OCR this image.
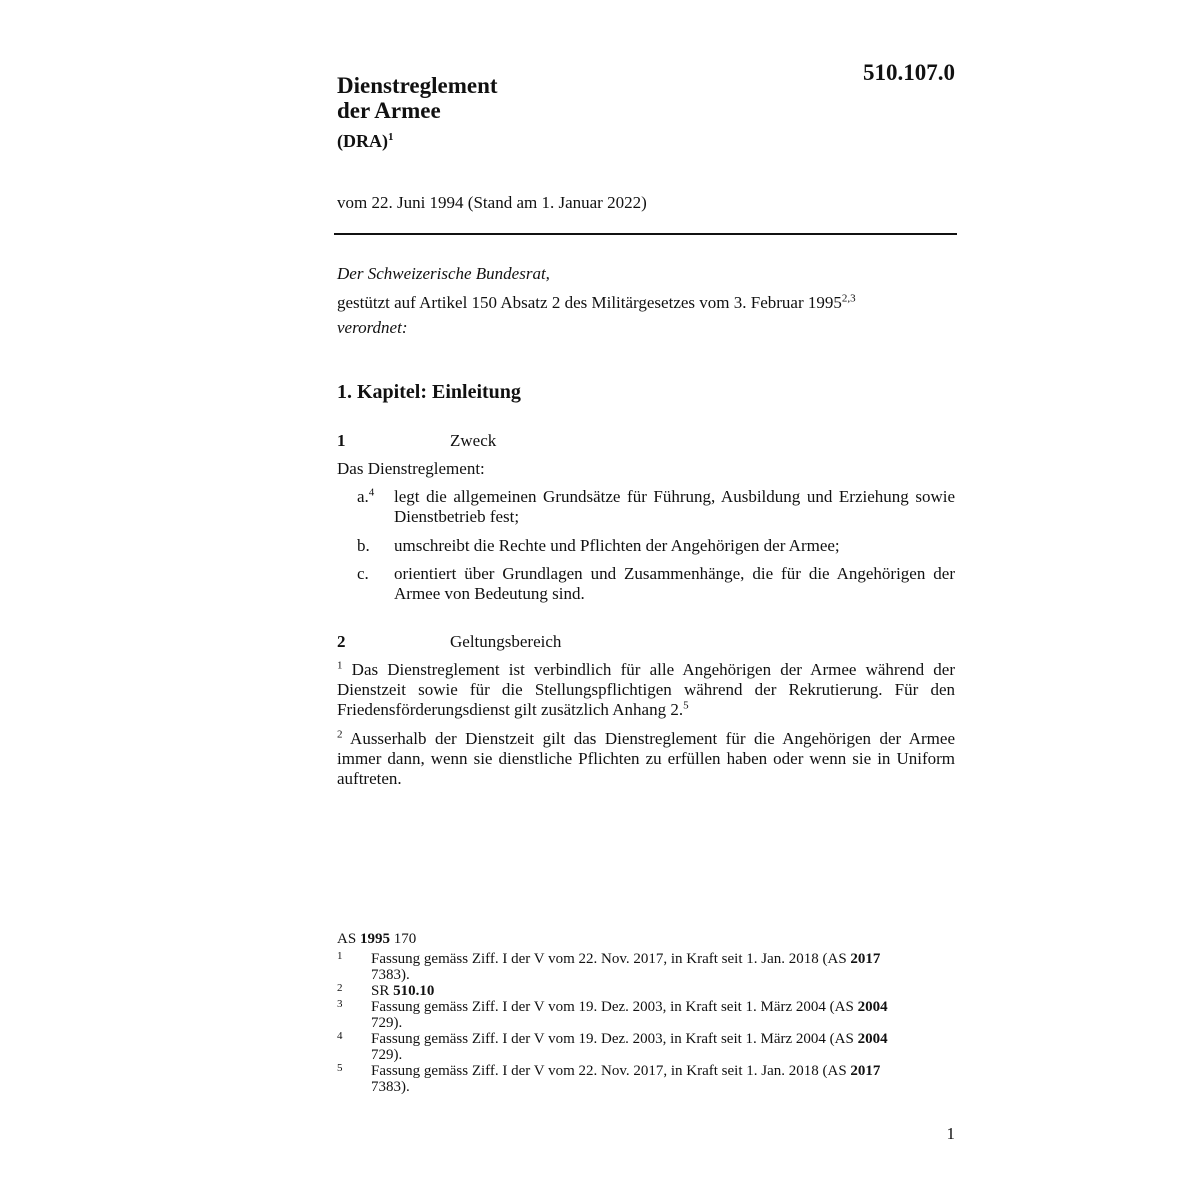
510.107.0
Dienstreglement
der Armee
(DRA)$^1$
vom 22. Juni 1994 (Stand am 1. Januar 2022)
Der Schweizerische Bundesrat,
gestützt auf Artikel 150 Absatz 2 des Militärgesetzes vom 3. Februar 1995$^{2,3}$
verordnet:
1. Kapitel: Einleitung
1	Zweck
Das Dienstreglement:
a.$^4$ legt die allgemeinen Grundsätze für Führung, Ausbildung und Erziehung sowie Dienstbetrieb fest;
b. umschreibt die Rechte und Pflichten der Angehörigen der Armee;
c. orientiert über Grundlagen und Zusammenhänge, die für die Angehörigen der Armee von Bedeutung sind.
2	Geltungsbereich
$^1$ Das Dienstreglement ist verbindlich für alle Angehörigen der Armee während der Dienstzeit sowie für die Stellungspflichtigen während der Rekrutierung. Für den Friedensförderungsdienst gilt zusätzlich Anhang 2.$^5$
$^2$ Ausserhalb der Dienstzeit gilt das Dienstreglement für die Angehörigen der Armee immer dann, wenn sie dienstliche Pflichten zu erfüllen haben oder wenn sie in Uniform auftreten.
AS 1995 170
1	Fassung gemäss Ziff. I der V vom 22. Nov. 2017, in Kraft seit 1. Jan. 2018 (AS 2017 7383).
2	SR 510.10
3	Fassung gemäss Ziff. I der V vom 19. Dez. 2003, in Kraft seit 1. März 2004 (AS 2004 729).
4	Fassung gemäss Ziff. I der V vom 19. Dez. 2003, in Kraft seit 1. März 2004 (AS 2004 729).
5	Fassung gemäss Ziff. I der V vom 22. Nov. 2017, in Kraft seit 1. Jan. 2018 (AS 2017 7383).
1
